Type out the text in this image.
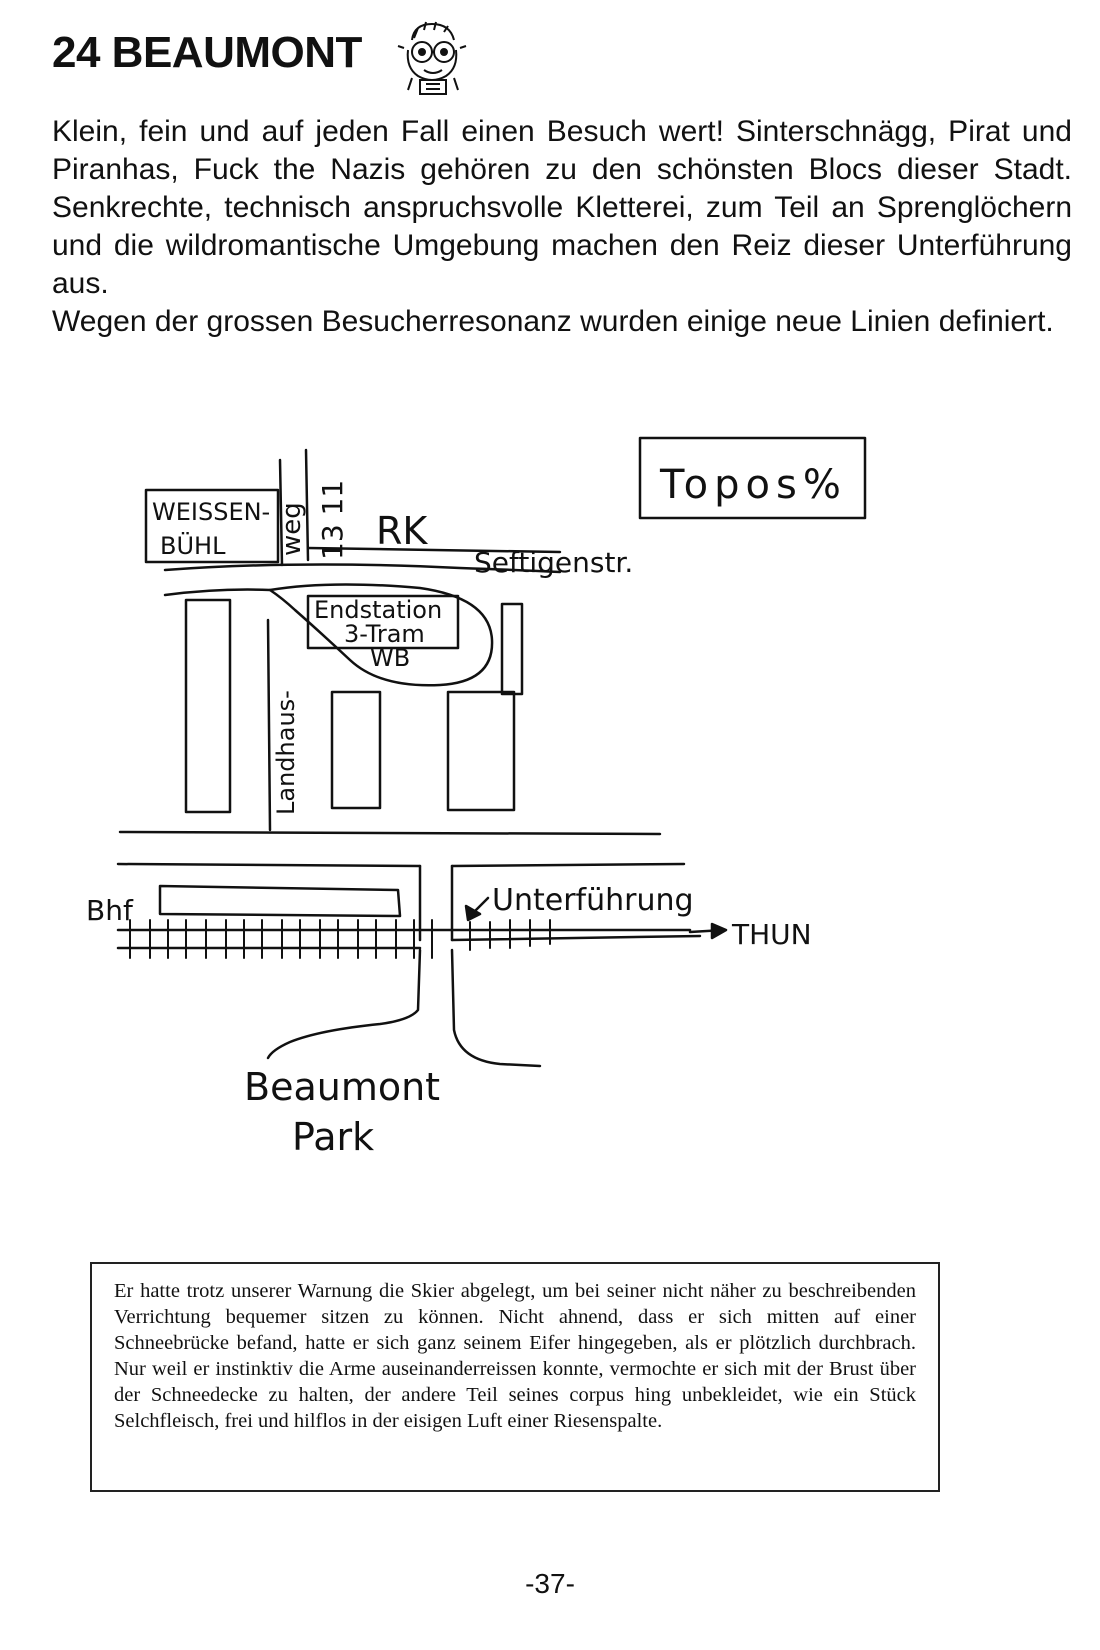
24 BEAUMONT

Klein, fein und auf jeden Fall einen Besuch wert! Sinterschnägg, Pirat und Piranhas, Fuck the Nazis gehören zu den schönsten Blocs dieser Stadt. Senkrechte, technisch anspruchsvolle Kletterei, zum Teil an Sprenglöchern und die wildromantische Umgebung machen den Reiz dieser Unterführung aus.

Wegen der grossen Besucherresonanz wurden einige neue Linien definiert.

Topos%
WEISSEN-
BÜHL weg 13 11 RK
Seftigenstr.
Endstation
3-Tram
WB
Landhaus-
Bhf	Unterführung
THUN
Beaumont
Park
Er hatte trotz unserer Warnung die Skier abgelegt, um bei seiner nicht näher zu beschreibenden Verrichtung bequemer sitzen zu können. Nicht ahnend, dass er sich mitten auf einer Schneebrücke befand, hatte er sich ganz seinem Eifer hingegeben, als er plötzlich durchbrach. Nur weil er instinktiv die Arme auseinanderreissen konnte, vermochte er sich mit der Brust über der Schneedecke zu halten, der andere Teil seines corpus hing unbekleidet, wie ein Stück Selchfleisch, frei und hilflos in der eisigen Luft einer Riesenspalte.
-37-
